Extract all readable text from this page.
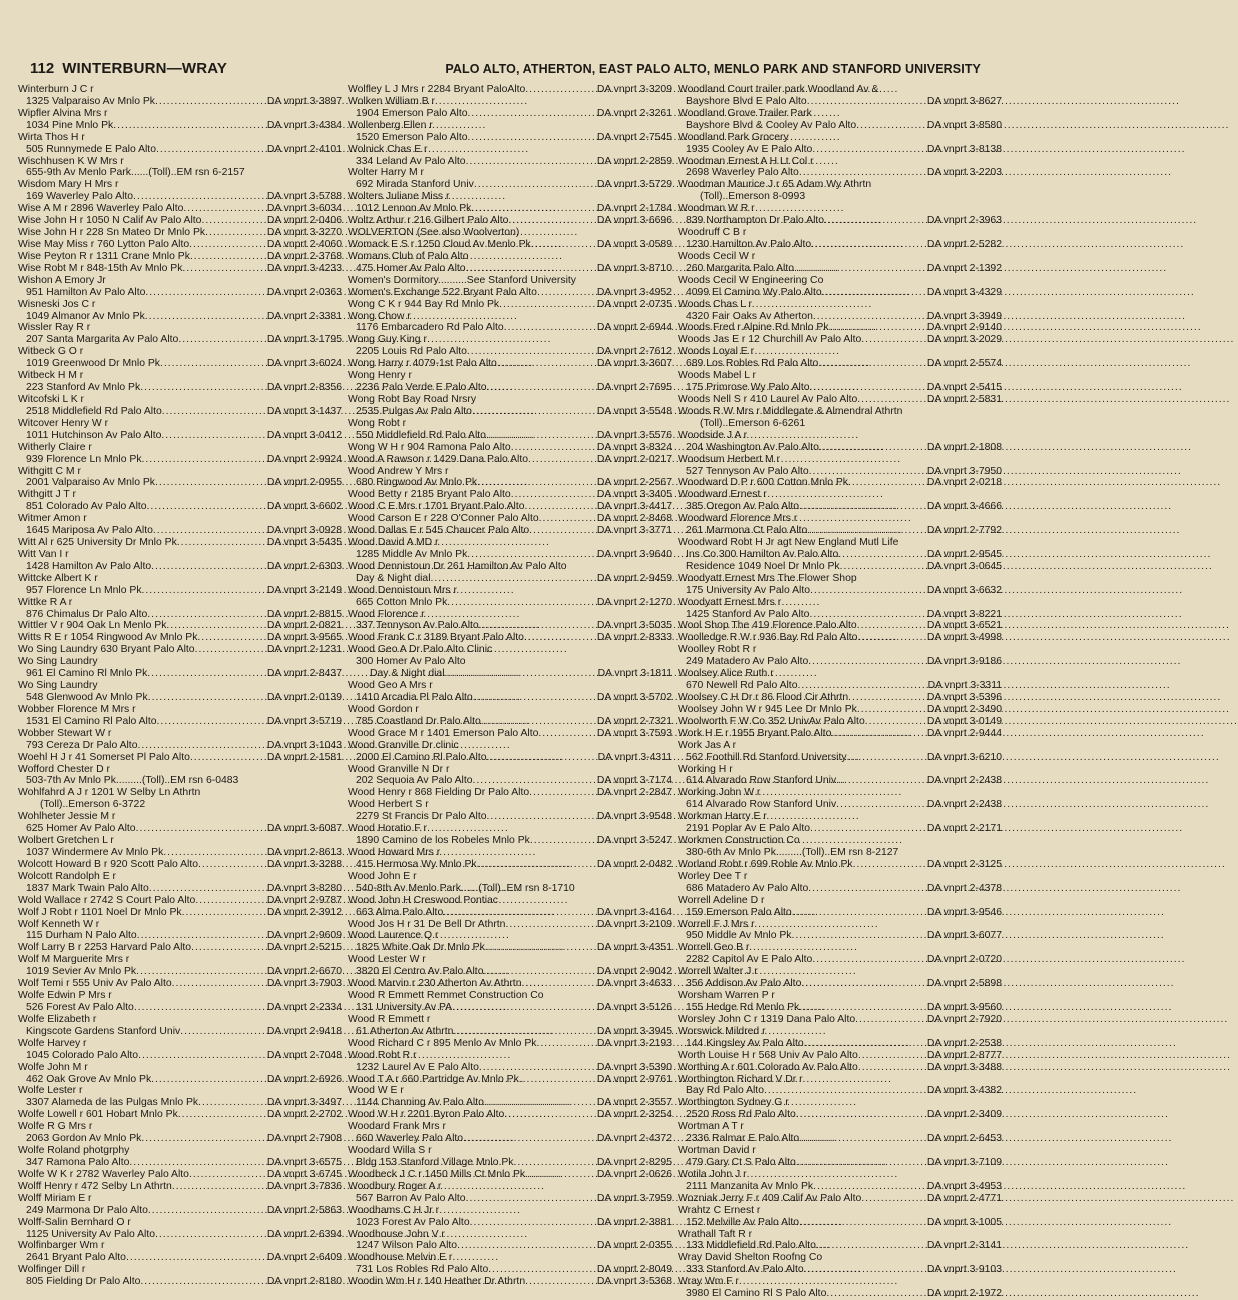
112 WINTERBURN—WRAY	PALO ALTO, ATHERTON, EAST PALO ALTO, MENLO PARK AND STANFORD UNIVERSITY
Winterburn J C r
1325 Valparaiso Av Mnlo Pk .....	DA vnprt 3-3897
Wipfler Alvina Mrs r
1034 Pine Mnlo Pk .....	DA vnprt 3-4384
Wirta Thos H r
505 Runnymede E Palo Alto .....	DA vnprt 2-4101
Wischhusen K W Mrs r
655-9th Av Menlo Park......(Toll)..EM rsn 6-2157
Wisdom Mary H Mrs r
169 Waverley Palo Alto .....	DA vnprt 3-5788
Wise A M r 2896 Waverley Palo Alto .....	DA vnprt 3-6034
Wise John H r 1050 N Calif Av Palo Alto .....	DA vnprt 2-0406
Wise John H r 228 Sn Mateo Dr Mnlo Pk .....	DA vnprt 3-3270
Wise May Miss r 760 Lytton Palo Alto .....	DA vnprt 2-4060
Wise Peyton R r 1311 Crane Mnlo Pk .....	DA vnprt 2-3768
Wise Robt M r 848-15th Av Mnlo Pk .....	DA vnprt 3-4233
Wishon A Emory Jr
951 Hamilton Av Palo Alto .....	DA vnprt 2-0363
Wisneski Jos C r
1049 Almanor Av Mnlo Pk .....	DA vnprt 2-3381
Wissler Ray R r
207 Santa Margarita Av Palo Alto .....	DA vnprt 3-1795
Witbeck G O r
1019 Greenwood Dr Mnlo Pk .....	DA vnprt 3-6024
Witbeck H M r
223 Stanford Av Mnlo Pk .....	DA vnprt 2-8356
Witcofski L K r
2518 Middlefield Rd Palo Alto .....	DA vnprt 3-1437
Witcover Henry W r
1011 Hutchinson Av Palo Alto .....	DA vnprt 3-0412
Witherly Claire r
939 Florence Ln Mnlo Pk .....	DA vnprt 2-9924
Withgitt C M r
2001 Valparaiso Av Mnlo Pk .....	DA vnprt 2-0955
Withgitt J T r
851 Colorado Av Palo Alto .....	DA vnprt 3-6602
Witmer Amon r
1645 Mariposa Av Palo Alto .....	DA vnprt 3-0928
Witt Al r 625 University Dr Mnlo Pk .....	DA vnprt 3-5435
Witt Van I r
1428 Hamilton Av Palo Alto .....	DA vnprt 2-6303
Wittcke Albert K r
957 Florence Ln Mnlo Pk .....	DA vnprt 3-2149
Wittke R A r
876 Chimalus Dr Palo Alto .....	DA vnprt 2-8815
Wittler V r 904 Oak Ln Menlo Pk .....	DA vnprt 2-0821
Witts R E r 1054 Ringwood Av Mnlo Pk .....	DA vnprt 3-9565
Wo Sing Laundry 630 Bryant Palo Alto .....	DA vnprt 2-1231
Wo Sing Laundry
961 El Camino Rl Mnlo Pk .....	DA vnprt 2-8437
Wo Sing Laundry
548 Glenwood Av Mnlo Pk .....	DA vnprt 2-0139
Wobber Florence M Mrs r
1531 El Camino Rl Palo Alto .....	DA vnprt 3-5719
Wobber Stewart W r
793 Cereza Dr Palo Alto .....	DA vnprt 3-1043
Woehl H J r 41 Somerset Pl Palo Alto .....	DA vnprt 2-1581
Wofford Chester D r
503-7th Av Mnlo Pk.........(Toll)..EM rsn 6-0483
Wohlfahrd A J r 1201 W Selby Ln Athrtn
(Toll)..Emerson 6-3722
Wohlheter Jessie M r
625 Homer Av Palo Alto .....	DA vnprt 3-6087
Wolbert Gretchen L r
1037 Windermere Av Mnlo Pk .....	DA vnprt 2-8613
Wolcott Howard B r 920 Scott Palo Alto .....	DA vnprt 3-3288
Wolcott Randolph E r
1837 Mark Twain Palo Alto .....	DA vnprt 3-8280
Wold Wallace r 2742 S Court Palo Alto .....	DA vnprt 2-9787
Wolf J Robt r 1101 Noel Dr Mnlo Pk .....	DA vnprt 2-3912
Wolf Kenneth W r
115 Durham N Palo Alto .....	DA vnprt 2-9609
Wolf Larry B r 2253 Harvard Palo Alto .....	DA vnprt 2-5215
Wolf M Marguerite Mrs r
1019 Sevier Av Mnlo Pk .....	DA vnprt 2-6670
Wolf Temi r 555 Univ Av Palo Alto .....	DA vnprt 3-7903
Wolfe Edwin P Mrs r
526 Forest Av Palo Alto .....	DA vnprt 2-2334
Wolfe Elizabeth r
Kingscote Gardens Stanford Univ .....	DA vnprt 2-9418
Wolfe Harvey r
1045 Colorado Palo Alto .....	DA vnprt 2-7048
Wolfe John M r
462 Oak Grove Av Mnlo Pk .....	DA vnprt 2-6926
Wolfe Lester r
3307 Alameda de las Pulgas Mnlo Pk .....	DA vnprt 3-3497
Wolfe Lowell r 601 Hobart Mnlo Pk .....	DA vnprt 2-2702
Wolfe R G Mrs r
2063 Gordon Av Mnlo Pk .....	DA vnprt 2-7908
Wolfe Roland photgrphy
347 Ramona Palo Alto .....	DA vnprt 3-6575
Wolfe W K r 2782 Waverley Palo Alto .....	DA vnprt 3-6745
Wolff Henry r 472 Selby Ln Athrtn .....	DA vnprt 3-7836
Wolff Miriam E r
249 Marmona Dr Palo Alto .....	DA vnprt 2-5863
Wolff-Salin Bernhard O r
1125 University Av Palo Alto .....	DA vnprt 2-6394
Wolfinbarger Wm r
2641 Bryant Palo Alto .....	DA vnprt 2-6409
Wolfinger Dill r
805 Fielding Dr Palo Alto .....	DA vnprt 2-8180
Wolfley L J Mrs r 2284 Bryant PaloAlto .....	DA vnprt 3-3209
Wolken William B r
1904 Emerson Palo Alto .....	DA vnprt 2-3261
Wollenberg Ellen r
1520 Emerson Palo Alto .....	DA vnprt 2-7545
Wolnick Chas E r
334 Leland Av Palo Alto .....	DA vnprt 2-2859
Wolter Harry M r
692 Mirada Stanford Univ .....	DA vnprt 3-5729
Wolters Juliane Miss r
1012 Lennon Av Mnlo Pk .....	DA vnprt 2-1784
Woltz Arthur r 216 Gilbert Palo Alto .....	DA vnprt 3-6696
WOLVERTON (See also Woolverton)
Womack E S r 1250 Cloud Av Menlo Pk .....	DA vnprt 3-0589
Womans Club of Palo Alto
475 Homer Av Palo Alto .....	DA vnprt 3-8710
Women's Dormitory..........See Stanford University
Women's Exchange 522 Bryant Palo Alto .....	DA vnprt 3-4952
Wong C K r 944 Bay Rd Mnlo Pk .....	DA vnprt 2-0735
Wong Chow r
1176 Embarcadero Rd Palo Alto .....	DA vnprt 2-6944
Wong Guy King r
2205 Louis Rd Palo Alto .....	DA vnprt 2-7612
Wong Harry r 4079-1st Palo Alto .....	DA vnprt 3-3607
Wong Henry r
2236 Palo Verde E Palo Alto .....	DA vnprt 2-7695
Wong Robt Bay Road Nrsry
2535 Pulgas Av Palo Alto .....	DA vnprt 3-5548
Wong Robt r
550 Middlefield Rd Palo Alto .....	DA vnprt 3-5576
Wong W H r 904 Ramona Palo Alto .....	DA vnprt 3-8324
Wood A Rawson r 1429 Dana Palo Alto .....	DA vnprt 2-0217
Wood Andrew Y Mrs r
680 Ringwood Av Mnlo Pk .....	DA vnprt 2-2567
Wood Betty r 2185 Bryant Palo Alto .....	DA vnprt 3-3405
Wood C E Mrs r 1701 Bryant Palo Alto .....	DA vnprt 3-4417
Wood Carson E r 228 O'Conner Palo Alto .....	DA vnprt 2-8468
Wood Dallas E r 545 Chaucer Palo Alto .....	DA vnprt 3-3771
Wood David A MD r
1285 Middle Av Mnlo Pk .....	DA vnprt 3-9640
Wood Dennistoun Dr 261 Hamilton Av Palo Alto
Day & Night dial .....	DA vnprt 2-9459
Wood Dennistoun Mrs r
665 Cotton Mnlo Pk .....	DA vnprt 2-1270
Wood Florence r
337 Tennyson Av Palo Alto .....	DA vnprt 3-5035
Wood Frank C r 3189 Bryant Palo Alto .....	DA vnprt 2-8333
Wood Geo A Dr Palo Alto Clinic
300 Homer Av Palo Alto
Day & Night dial .....	DA vnprt 3-1811
Wood Geo A Mrs r
1410 Arcadia Pl Palo Alto .....	DA vnprt 3-5702
Wood Gordon r
785 Coastland Dr Palo Alto .....	DA vnprt 2-7321
Wood Grace M r 1401 Emerson Palo Alto .....	DA vnprt 3-7593
Wood Granville Dr clinic
2000 El Camino Rl Palo Alto .....	DA vnprt 3-4311
Wood Granville N Dr r
202 Sequoia Av Palo Alto .....	DA vnprt 3-7174
Wood Henry r 868 Fielding Dr Palo Alto .....	DA vnprt 2-2847
Wood Herbert S r
2279 St Francis Dr Palo Alto .....	DA vnprt 3-9548
Wood Horatio F r
1890 Camino de los Robeles Mnlo Pk .....	DA vnprt 3-5247
Wood Howard Mrs r
415 Hermosa Wy Mnlo Pk .....	DA vnprt 2-0482
Wood John E r
540-8th Av Menlo Park......(Toll)..EM rsn 8-1710
Wood John H Creswood Pontiac
663 Alma Palo Alto .....	DA vnprt 3-4164
Wood Jos H r 31 De Bell Dr Athrtn .....	DA vnprt 3-2109
Wood Laurence Q r
1825 White Oak Dr Mnlo Pk .....	DA vnprt 3-4351
Wood Lester W r
3820 El Centro Av Palo Alto .....	DA vnprt 2-9042
Wood Marvin r 230 Atherton Av Athrtn .....	DA vnprt 3-4633
Wood R Emmett Remmet Construction Co
131 University Av PA .....	DA vnprt 3-5126
Wood R Emmett r
61 Atherton Av Athrtn .....	DA vnprt 3-3945
Wood Richard C r 895 Menlo Av Mnlo Pk .....	DA vnprt 3-2193
Wood Robt R r
1232 Laurel Av E Palo Alto .....	DA vnprt 3-5390
Wood T A r 660 Partridge Av Mnlo Pk .....	DA vnprt 2-9761
Wood W E r
1144 Channing Av Palo Alto .....	DA vnprt 2-3557
Wood W H r 2201 Byron Palo Alto .....	DA vnprt 2-3254
Woodard Frank Mrs r
660 Waverley Palo Alto .....	DA vnprt 2-4372
Woodard Willa S r
Bldg 153 Stanford Village Mnlo Pk .....	DA vnprt 2-8295
Woodbeck J C r 1450 Mills Ct Mnlo Pk .....	DA vnprt 2-0626
Woodbury Roger A r
567 Barron Av Palo Alto .....	DA vnprt 3-7959
Woodhams C H Jr r
1023 Forest Av Palo Alto .....	DA vnprt 2-3881
Woodhouse John V r
1247 Wilson Palo Alto .....	DA vnprt 2-0355
Woodhouse Melvin E r
731 Los Robles Rd Palo Alto .....	DA vnprt 2-8049
Woodin Wm H r 140 Heather Dr Athrtn .....	DA vnprt 3-5368
Woodland Court trailer park Woodland Av &
Bayshore Blvd E Palo Alto .....	DA vnprt 3-8627
Woodland Grove Trailer Park
Bayshore Blvd & Cooley Av Palo Alto .....	DA vnprt 3-8580
Woodland Park Grocery
1935 Cooley Av E Palo Alto .....	DA vnprt 3-8138
Woodman Ernest A H Lt Col r
2698 Waverley Palo Alto .....	DA vnprt 3-2203
Woodman Maurice J r 65 Adam Wy Athrtn
(Toll)..Emerson 8-0993
Woodman W R r
839 Northampton Dr Palo Alto .....	DA vnprt 2-3963
Woodruff C B r
1230 Hamilton Av Palo Alto .....	DA vnprt 2-5282
Woods Cecil W r
260 Margarita Palo Alto .....	DA vnprt 2-1392
Woods Cecil W Engineering Co
4099 El Camino Wy Palo Alto .....	DA vnprt 3-4329
Woods Chas L r
4320 Fair Oaks Av Atherton .....	DA vnprt 3-3949
Woods Fred r Alpine Rd Mnlo Pk .....	DA vnprt 2-9140
Woods Jas E r 12 Churchill Av Palo Alto .....	DA vnprt 3-2029
Woods Loyal E r
689 Los Robles Rd Palo Alto .....	DA vnprt 2-5574
Woods Mabel L r
175 Primrose Wy Palo Alto .....	DA vnprt 2-5415
Woods Nell S r 410 Laurel Av Palo Alto .....	DA vnprt 2-5831
Woods R W Mrs r Middlegate & Almendral Athrtn
(Toll)..Emerson 6-6261
Woodside J A r
204 Washington Av Palo Alto .....	DA vnprt 2-1808
Woodsum Herbert M r
527 Tennyson Av Palo Alto .....	DA vnprt 3-7950
Woodward D P r 600 Cotton Mnlo Pk .....	DA vnprt 2-0218
Woodward Ernest r
385 Oregon Av Palo Alto .....	DA vnprt 3-4666
Woodward Florence Mrs r
261 Marmona Ct Palo Alto .....	DA vnprt 2-7792
Woodward Robt H Jr agt New England Mutl Life
Ins Co 300 Hamilton Av Palo Alto .....	DA vnprt 2-9545
Residence 1049 Noel Dr Mnlo Pk .....	DA vnprt 3-0645
Woodyatt Ernest Mrs The Flower Shop
175 University Av Palo Alto .....	DA vnprt 3-6632
Woodyatt Ernest Mrs r
1425 Stanford Av Palo Alto .....	DA vnprt 3-8221
Wool Shop The 419 Florence Palo Alto .....	DA vnprt 3-6521
Woolledge R W r 936 Bay Rd Palo Alto .....	DA vnprt 3-4998
Woolley Robt R r
249 Matadero Av Palo Alto .....	DA vnprt 3-9186
Woolsey Alice Ruth r
670 Newell Rd Palo Alto .....	DA vnprt 3-3311
Woolsey C H Dr r 86 Flood Cir Athrtn .....	DA vnprt 3-5396
Woolsey John W r 945 Lee Dr Mnlo Pk .....	DA vnprt 2-3490
Woolworth F W Co 352 UnivAv Palo Alto .....	DA vnprt 3-0149
Work H E r 1955 Bryant Palo Alto .....	DA vnprt 2-9444
Work Jas A r
562 Foothill Rd Stanford University .....	DA vnprt 3-6210
Working H r
614 Alvarado Row Stanford Univ .....	DA vnprt 2-2438
Working John W r
614 Alvarado Row Stanford Univ .....	DA vnprt 2-2438
Workman Harry E r
2191 Poplar Av E Palo Alto .....	DA vnprt 2-2171
Workmen Construction Co
380-6th Av Mnlo Pk.........(Toll)..EM rsn 8-2127
Worland Robt r 699 Roble Av Mnlo Pk .....	DA vnprt 2-3125
Worley Dee T r
686 Matadero Av Palo Alto .....	DA vnprt 2-4378
Worrell Adeline D r
159 Emerson Palo Alto .....	DA vnprt 3-9546
Worrell F J Mrs r
950 Middle Av Mnlo Pk .....	DA vnprt 3-6077
Worrell Geo B r
2282 Capitol Av E Palo Alto .....	DA vnprt 2-0720
Worrell Walter J r
356 Addison Av Palo Alto .....	DA vnprt 2-5898
Worsham Warren P r
155 Hedge Rd Menlo Pk .....	DA vnprt 3-9560
Worsley John C r 1319 Dana Palo Alto .....	DA vnprt 2-7920
Worswick Mildred r
144 Kingsley Av Palo Alto .....	DA vnprt 2-2538
Worth Louise H r 568 Univ Av Palo Alto .....	DA vnprt 2-8777
Worthing A r 601 Colorado Av Palo Alto .....	DA vnprt 3-3488
Worthington Richard V Dr r
Bay Rd Palo Alto .....	DA vnprt 3-4382
Worthington Sydney G r
2520 Ross Rd Palo Alto .....	DA vnprt 2-3409
Wortman A T r
2336 Ralmar E Palo Alto .....	DA vnprt 2-6453
Wortman David r
479 Gary Ct S Palo Alto .....	DA vnprt 3-7109
Wotila John J r
2111 Manzanita Av Mnlo Pk .....	DA vnprt 3-4953
Wozniak Jerry F r 409 Calif Av Palo Alto .....	DA vnprt 2-4771
Wrahtz C Ernest r
152 Melville Av Palo Alto .....	DA vnprt 3-1005
Wrathall Taft R r
133 Middlefield Rd Palo Alto .....	DA vnprt 2-3141
Wray David Shelton Roofng Co
333 Stanford Av Palo Alto .....	DA vnprt 3-9103
Wray Wm F r
3980 El Camino Rl S Palo Alto .....	DA vnprt 2-1972
